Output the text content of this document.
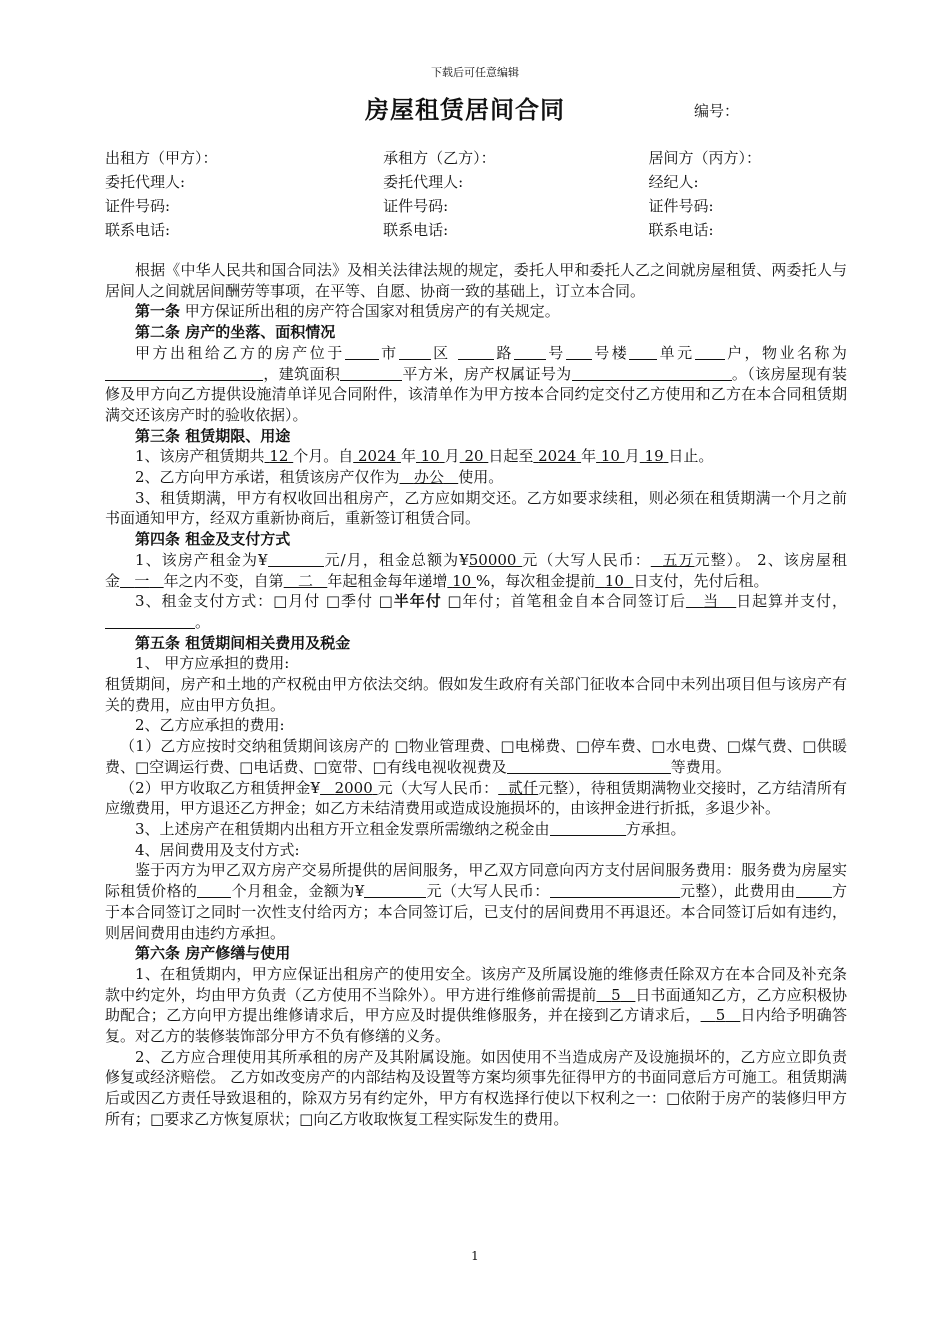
下载后可任意编辑
房屋租赁居间合同	编号：
出租方（甲方）：	承租方（乙方）：	居间方（丙方）：
委托代理人:	委托代理人:	经纪人:
证件号码:	证件号码:	证件号码:
联系电话:	联系电话:	联系电话:

根据《中华人民共和国合同法》及相关法律法规的规定，委托人甲和委托人乙之间就房屋租赁、两委托人与居间人之间就居间酬劳等事项，在平等、自愿、协商一致的基础上，订立本合同。

第一条 甲方保证所出租的房产符合国家对租赁房产的有关规定。

第二条 房产的坐落、面积情况

甲方出租给乙方的房产位于 市 区	路 号 号楼 单元 户，物业名称为，建筑面积	平方米，房产权属证号为	。（该房屋现有装修及甲方向乙方提供设施清单详见合同附件，该清单作为甲方按本合同约定交付乙方使用和乙方在本合同租赁期满交还该房产时的验收依据）。

第三条 租赁期限、用途

1、该房产租赁期共 12 个月。自 2024 年 10 月 20 日起至 2024 年 10 月 19 日止。

2、乙方向甲方承诺，租赁该房产仅作为 办公 使用。

3、租赁期满，甲方有权收回出租房产，乙方应如期交还。乙方如要求续租，则必须在租赁期满一个月之前书面通知甲方，经双方重新协商后，重新签订租赁合同。

第四条 租金及支付方式

1、该房产租金为¥	元/月，租金总额为¥50000 元（大写人民币： 五万元整）。 2、该房屋租金 一 年之内不变，自第 二 年起租金每年递增 10 %，每次租金提前 10 日支付，先付后租。

3、租金支付方式：□月付 □季付 □半年付 □年付；首笔租金自本合同签订后 当 日起算并支付，。

第五条 租赁期间相关费用及税金

1、 甲方应承担的费用:

租赁期间，房产和土地的产权税由甲方依法交纳。假如发生政府有关部门征收本合同中未列出项目但与该房产有关的费用，应由甲方负担。

2、乙方应承担的费用:

（1）乙方应按时交纳租赁期间该房产的 □物业管理费、□电梯费、□停车费、□水电费、□煤气费、□供暖费、□空调运行费、□电话费、□宽带、□有线电视收视费及	等费用。

（2）甲方收取乙方租赁押金¥ 2000 元（大写人民币： 贰仟元整），待租赁期满物业交接时，乙方结清所有应缴费用，甲方退还乙方押金；如乙方未结清费用或造成设施损坏的，由该押金进行折抵，多退少补。

3、上述房产在租赁期内出租方开立租金发票所需缴纳之税金由	方承担。

4、居间费用及支付方式:

鉴于丙方为甲乙双方房产交易所提供的居间服务，甲乙双方同意向丙方支付居间服务费用：服务费为房屋实际租赁价格的 个月租金，金额为¥	元（大写人民币：	元整），此费用由 方于本合同签订之同时一次性支付给丙方；本合同签订后，已支付的居间费用不再退还。本合同签订后如有违约，则居间费用由违约方承担。

第六条 房产修缮与使用

1、在租赁期内，甲方应保证出租房产的使用安全。该房产及所属设施的维修责任除双方在本合同及补充条款中约定外，均由甲方负责（乙方使用不当除外）。甲方进行维修前需提前 5 日书面通知乙方，乙方应积极协助配合；乙方向甲方提出维修请求后，甲方应及时提供维修服务，并在接到乙方请求后， 5 日内给予明确答复。对乙方的装修装饰部分甲方不负有修缮的义务。

2、乙方应合理使用其所承租的房产及其附属设施。如因使用不当造成房产及设施损坏的，乙方应立即负责修复或经济赔偿。 乙方如改变房产的内部结构及设置等方案均须事先征得甲方的书面同意后方可施工。租赁期满后或因乙方责任导致退租的，除双方另有约定外，甲方有权选择行使以下权利之一：□依附于房产的装修归甲方所有；□要求乙方恢复原状；□向乙方收取恢复工程实际发生的费用。

1
